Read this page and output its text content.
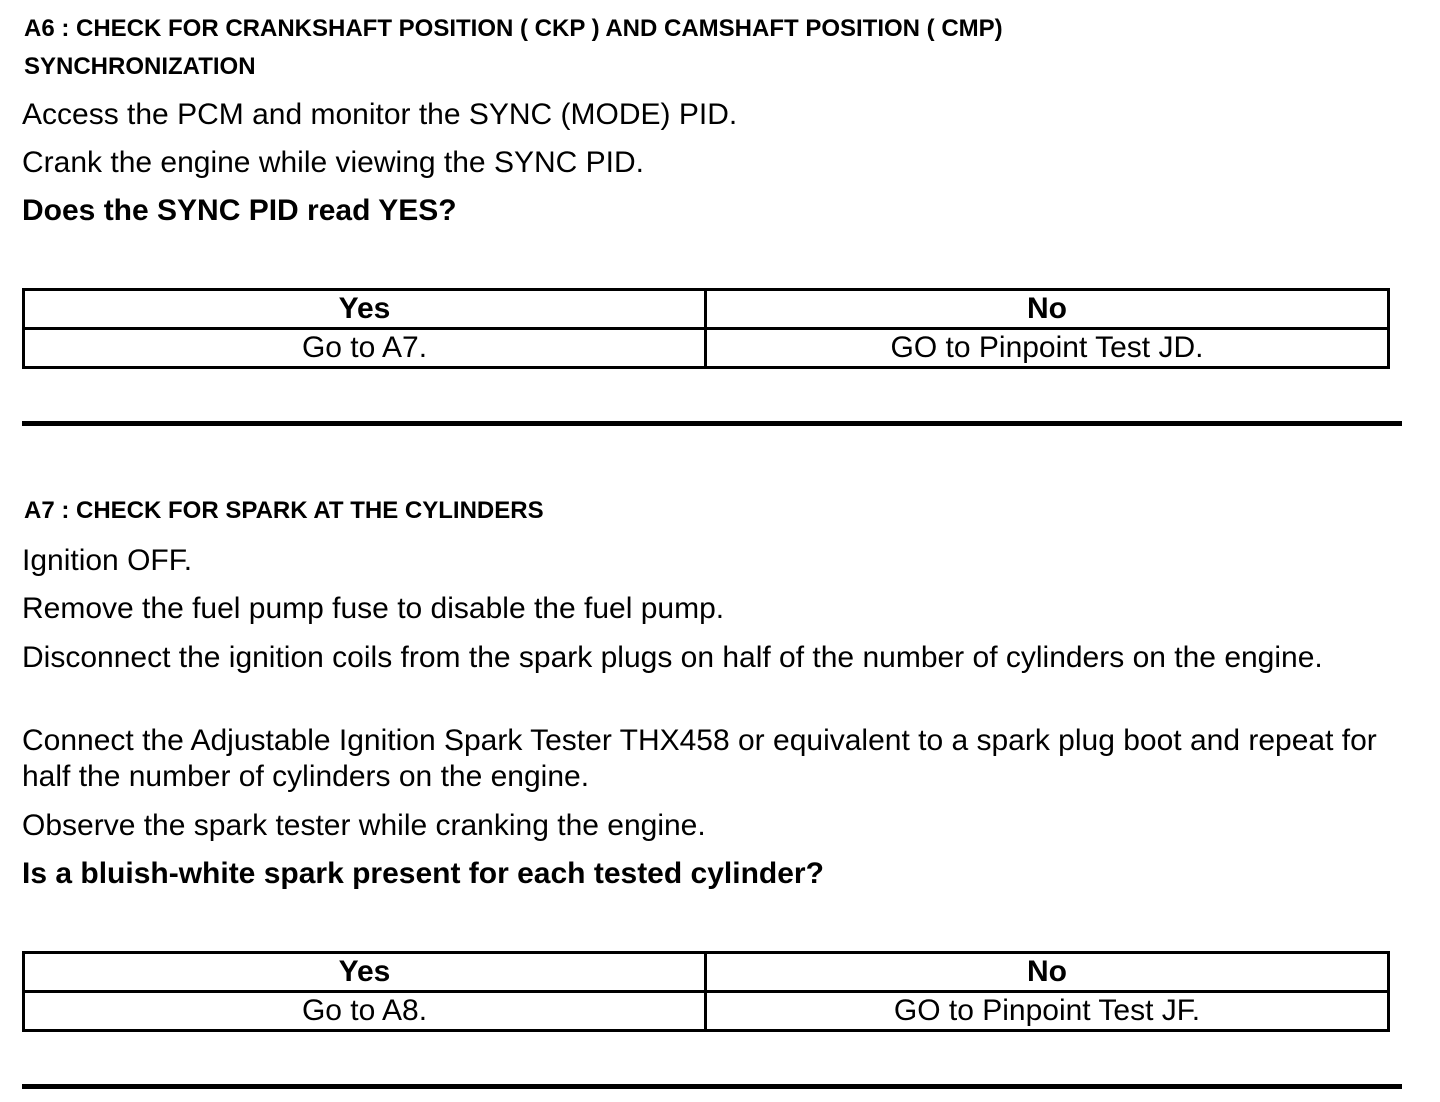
A6 : CHECK FOR CRANKSHAFT POSITION ( CKP ) AND CAMSHAFT POSITION ( CMP)

SYNCHRONIZATION

Access the PCM and monitor the SYNC (MODE) PID.

Crank the engine while viewing the SYNC PID.

Does the SYNC PID read YES?

Yes	No
Go to A7.	GO to Pinpoint Test JD.

A7 : CHECK FOR SPARK AT THE CYLINDERS

Ignition OFF.

Remove the fuel pump fuse to disable the fuel pump.

Disconnect the ignition coils from the spark plugs on half of the number of cylinders on the engine.

Connect the Adjustable Ignition Spark Tester THX458 or equivalent to a spark plug boot and repeat for half the number of cylinders on the engine.

Observe the spark tester while cranking the engine.

Is a bluish-white spark present for each tested cylinder?

Yes	No
Go to A8.	GO to Pinpoint Test JF.
